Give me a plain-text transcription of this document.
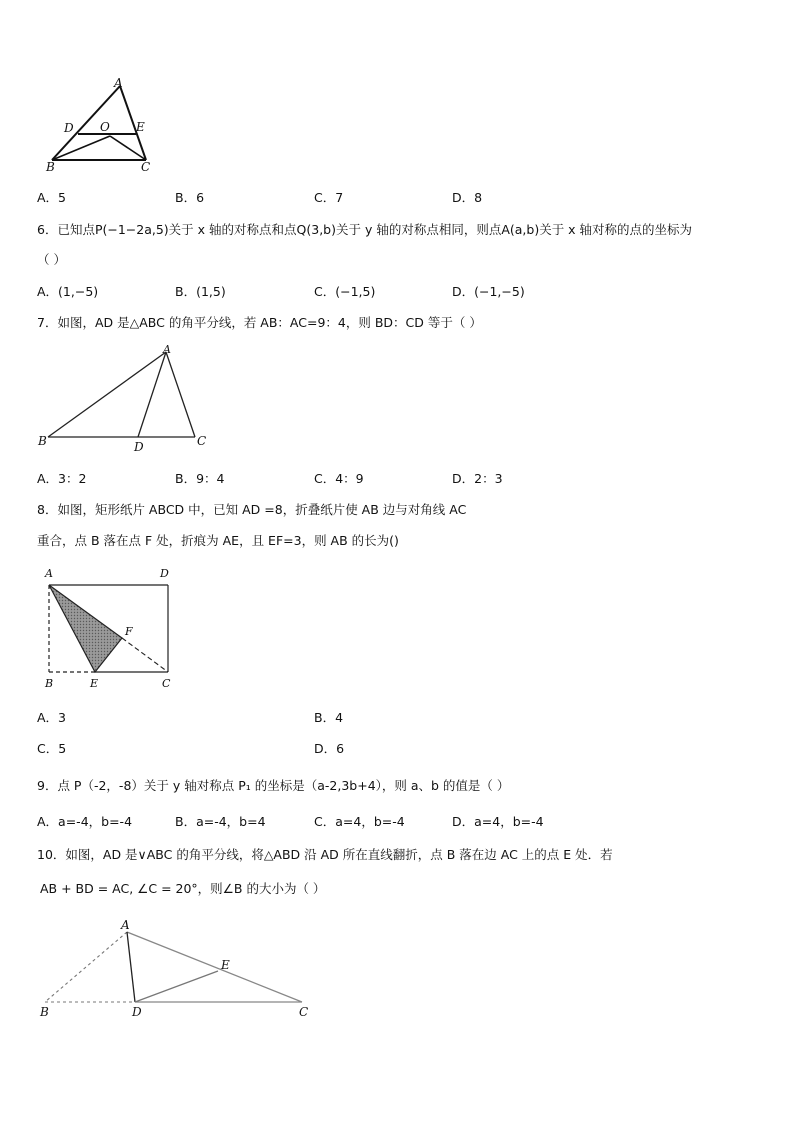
A
D O E
B	C
A．5	B．6	C．7	D．8
6．已知点P(−1−2a,5)关于 x 轴的对称点和点Q(3,b)关于 y 轴的对称点相同，则点A(a,b)关于 x 轴对称的点的坐标为
（ ）
A．(1,−5)	B．(1,5)	C．(−1,5)	D．(−1,−5)
7．如图，AD 是△ABC 的角平分线，若 AB：AC=9：4，则 BD：CD 等于（ ）
A
B	D	C
A．3：2	B．9：4	C．4：9	D．2：3
8．如图，矩形纸片 ABCD 中，已知 AD =8，折叠纸片使 AB 边与对角线 AC
重合，点 B 落在点 F 处，折痕为 AE，且 EF=3，则 AB 的长为()
A	D
F
B	E	C
A．3	B．4
C．5	D．6
9．点 P（-2，-8）关于 y 轴对称点 P₁ 的坐标是（a-2,3b+4），则 a、b 的值是（ ）
A．a=-4，b=-4	B．a=-4，b=4	C．a=4，b=-4	D．a=4，b=-4
10．如图，AD 是∨ABC 的角平分线，将△ABD 沿 AD 所在直线翻折，点 B 落在边 AC 上的点 E 处．若
AB + BD = AC, ∠C = 20°，则∠B 的大小为（ ）
A
E
B	D	C
